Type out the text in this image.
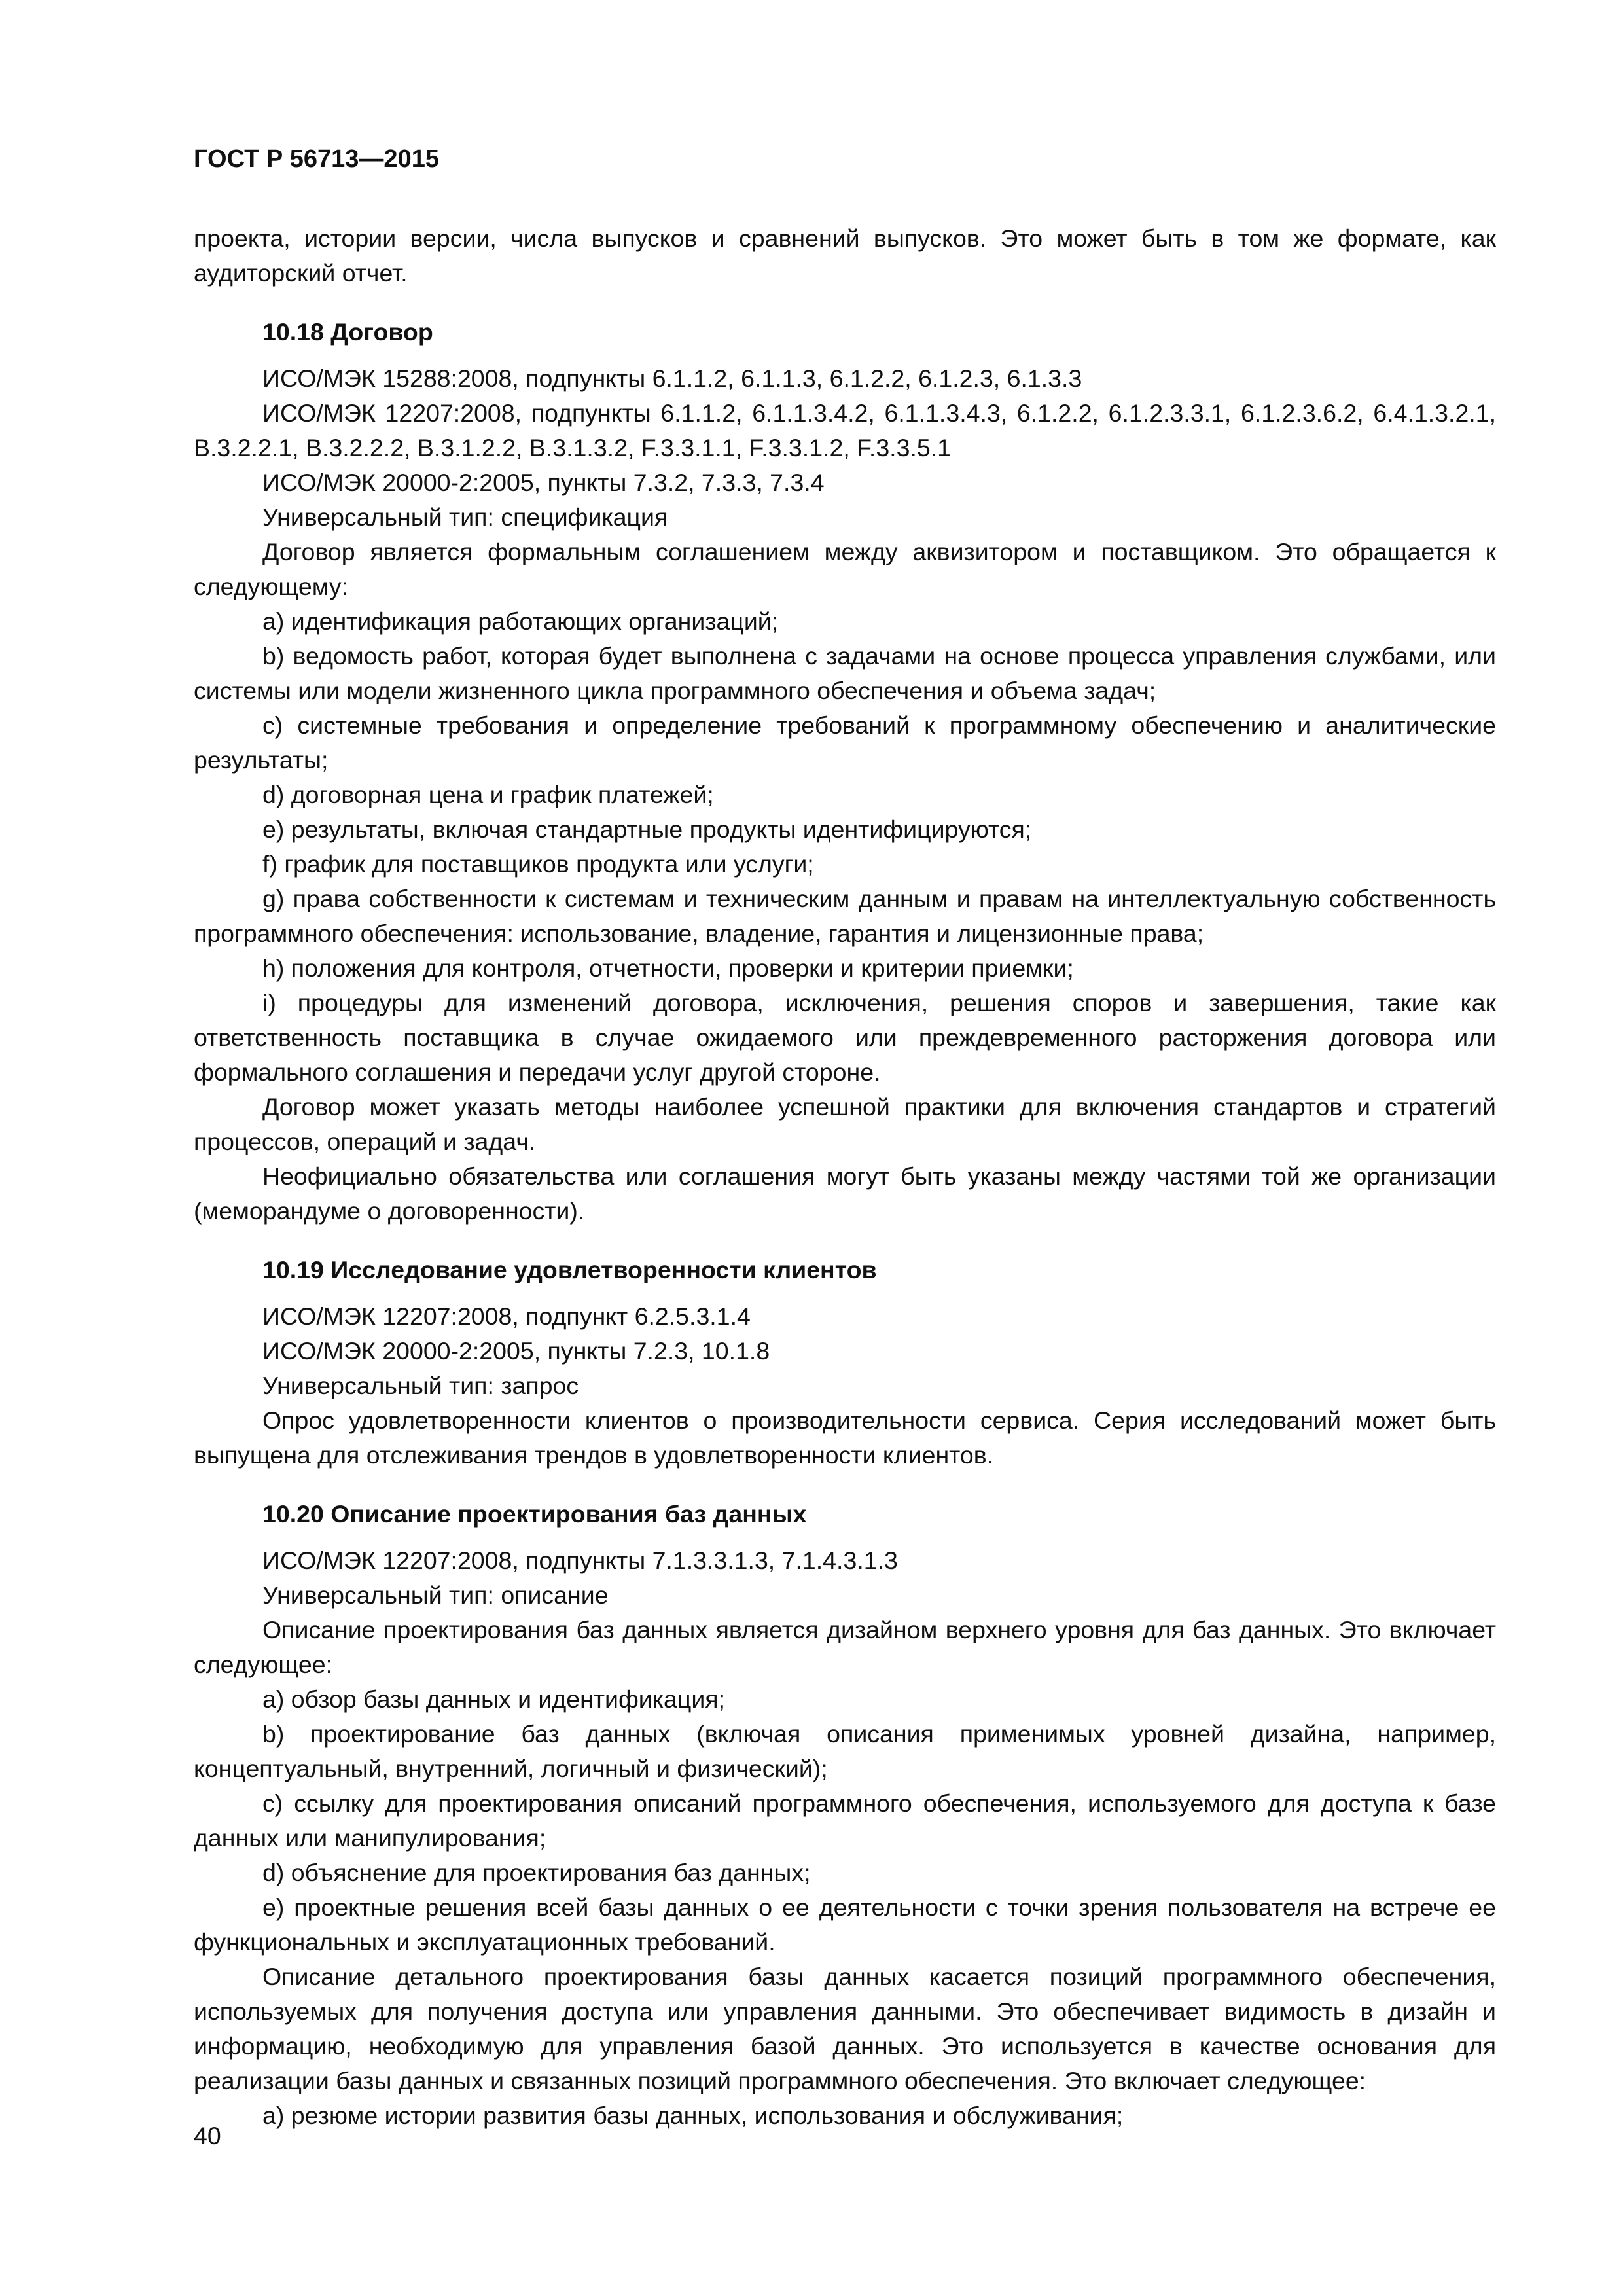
ГОСТ Р 56713—2015

проекта, истории версии, числа выпусков и сравнений выпусков. Это может быть в том же формате, как аудиторский отчет.

10.18 Договор

ИСО/МЭК 15288:2008, подпункты 6.1.1.2, 6.1.1.3, 6.1.2.2, 6.1.2.3, 6.1.3.3

ИСО/МЭК 12207:2008, подпункты 6.1.1.2, 6.1.1.3.4.2, 6.1.1.3.4.3, 6.1.2.2, 6.1.2.3.3.1, 6.1.2.3.6.2, 6.4.1.3.2.1, B.3.2.2.1, B.3.2.2.2, B.3.1.2.2, B.3.1.3.2, F.3.3.1.1, F.3.3.1.2, F.3.3.5.1

ИСО/МЭК 20000-2:2005, пункты 7.3.2, 7.3.3, 7.3.4

Универсальный тип: спецификация

Договор является формальным соглашением между аквизитором и поставщиком. Это обращается к следующему:

a) идентификация работающих организаций;

b) ведомость работ, которая будет выполнена с задачами на основе процесса управления службами, или системы или модели жизненного цикла программного обеспечения и объема задач;

c) системные требования и определение требований к программному обеспечению и аналитические результаты;

d) договорная цена и график платежей;

e) результаты, включая стандартные продукты идентифицируются;

f) график для поставщиков продукта или услуги;

g) права собственности к системам и техническим данным и правам на интеллектуальную собственность программного обеспечения: использование, владение, гарантия и лицензионные права;

h) положения для контроля, отчетности, проверки и критерии приемки;

i) процедуры для изменений договора, исключения, решения споров и завершения, такие как ответственность поставщика в случае ожидаемого или преждевременного расторжения договора или формального соглашения и передачи услуг другой стороне.

Договор может указать методы наиболее успешной практики для включения стандартов и стратегий процессов, операций и задач.

Неофициально обязательства или соглашения могут быть указаны между частями той же организации (меморандуме о договоренности).

10.19 Исследование удовлетворенности клиентов

ИСО/МЭК 12207:2008, подпункт 6.2.5.3.1.4

ИСО/МЭК 20000-2:2005, пункты 7.2.3, 10.1.8

Универсальный тип: запрос

Опрос удовлетворенности клиентов о производительности сервиса. Серия исследований может быть выпущена для отслеживания трендов в удовлетворенности клиентов.

10.20 Описание проектирования баз данных

ИСО/МЭК 12207:2008, подпункты 7.1.3.3.1.3, 7.1.4.3.1.3

Универсальный тип: описание

Описание проектирования баз данных является дизайном верхнего уровня для баз данных. Это включает следующее:

a) обзор базы данных и идентификация;

b) проектирование баз данных (включая описания применимых уровней дизайна, например, концептуальный, внутренний, логичный и физический);

c) ссылку для проектирования описаний программного обеспечения, используемого для доступа к базе данных или манипулирования;

d) объяснение для проектирования баз данных;

e) проектные решения всей базы данных о ее деятельности с точки зрения пользователя на встрече ее функциональных и эксплуатационных требований.

Описание детального проектирования базы данных касается позиций программного обеспечения, используемых для получения доступа или управления данными. Это обеспечивает видимость в дизайн и информацию, необходимую для управления базой данных. Это используется в качестве основания для реализации базы данных и связанных позиций программного обеспечения. Это включает следующее:

a) резюме истории развития базы данных, использования и обслуживания;

40
